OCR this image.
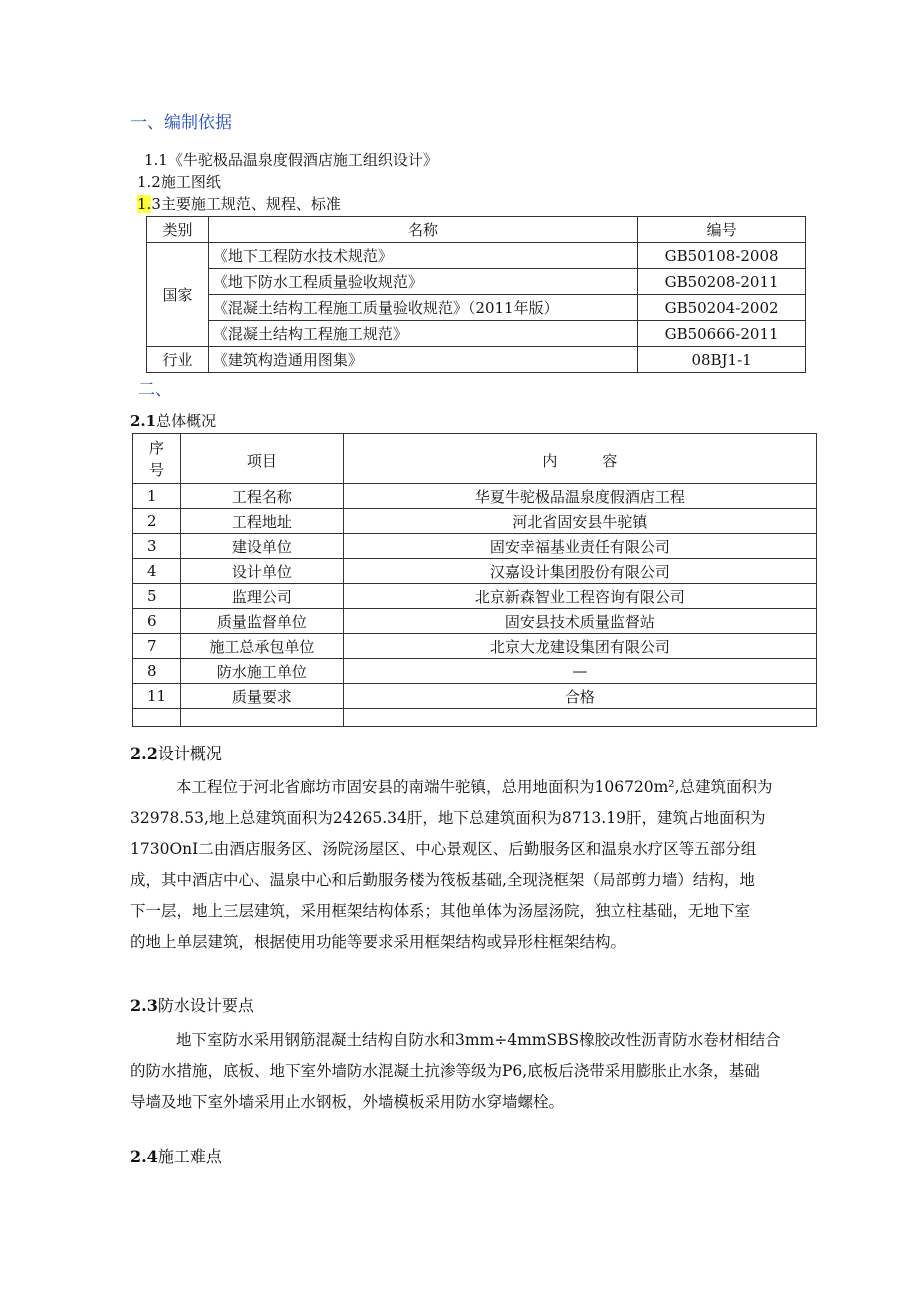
一、编制依据
1.1《牛驼极品温泉度假酒店施工组织设计》
1.2施工图纸
1.3主要施工规范、规程、标准
类别	名称	编号
国家	《地下工程防水技术规范》	GB50108-2008
	《地下防水工程质量验收规范》	GB50208-2011
	《混凝土结构工程施工质量验收规范》（2011年版）	GB50204-2002
	《混凝土结构工程施工规范》	GB50666-2011
行业	《建筑构造通用图集》	08BJ1-1
二、
2.1总体概况
序
号	项目	内　　　容
1	工程名称	华夏牛驼极品温泉度假酒店工程
2	工程地址	河北省固安县牛驼镇
3	建设单位	固安幸福基业责任有限公司
4	设计单位	汉嘉设计集团股份有限公司
5	监理公司	北京新森智业工程咨询有限公司
6	质量监督单位	固安县技术质量监督站
7	施工总承包单位	北京大龙建设集团有限公司
8	防水施工单位	—
11	质量要求	合格

2.2设计概况

本工程位于河北省廊坊市固安县的南端牛驼镇，总用地面积为106720m²,总建筑面积为

32978.53,地上总建筑面积为24265.34肝，地下总建筑面积为8713.19肝，建筑占地面积为

1730OnI二由酒店服务区、汤院汤屋区、中心景观区、后勤服务区和温泉水疗区等五部分组

成，其中酒店中心、温泉中心和后勤服务楼为筏板基础,全现浇框架（局部剪力墙）结构，地

下一层，地上三层建筑，采用框架结构体系；其他单体为汤屋汤院，独立柱基础，无地下室

的地上单层建筑，根据使用功能等要求采用框架结构或异形柱框架结构。

2.3防水设计要点

地下室防水采用钢筋混凝土结构自防水和3mm÷4mmSBS橡胶改性沥青防水卷材相结合

的防水措施，底板、地下室外墙防水混凝土抗渗等级为P6,底板后浇带采用膨胀止水条，基础

导墙及地下室外墙采用止水钢板，外墙模板采用防水穿墙螺栓。

2.4施工难点
